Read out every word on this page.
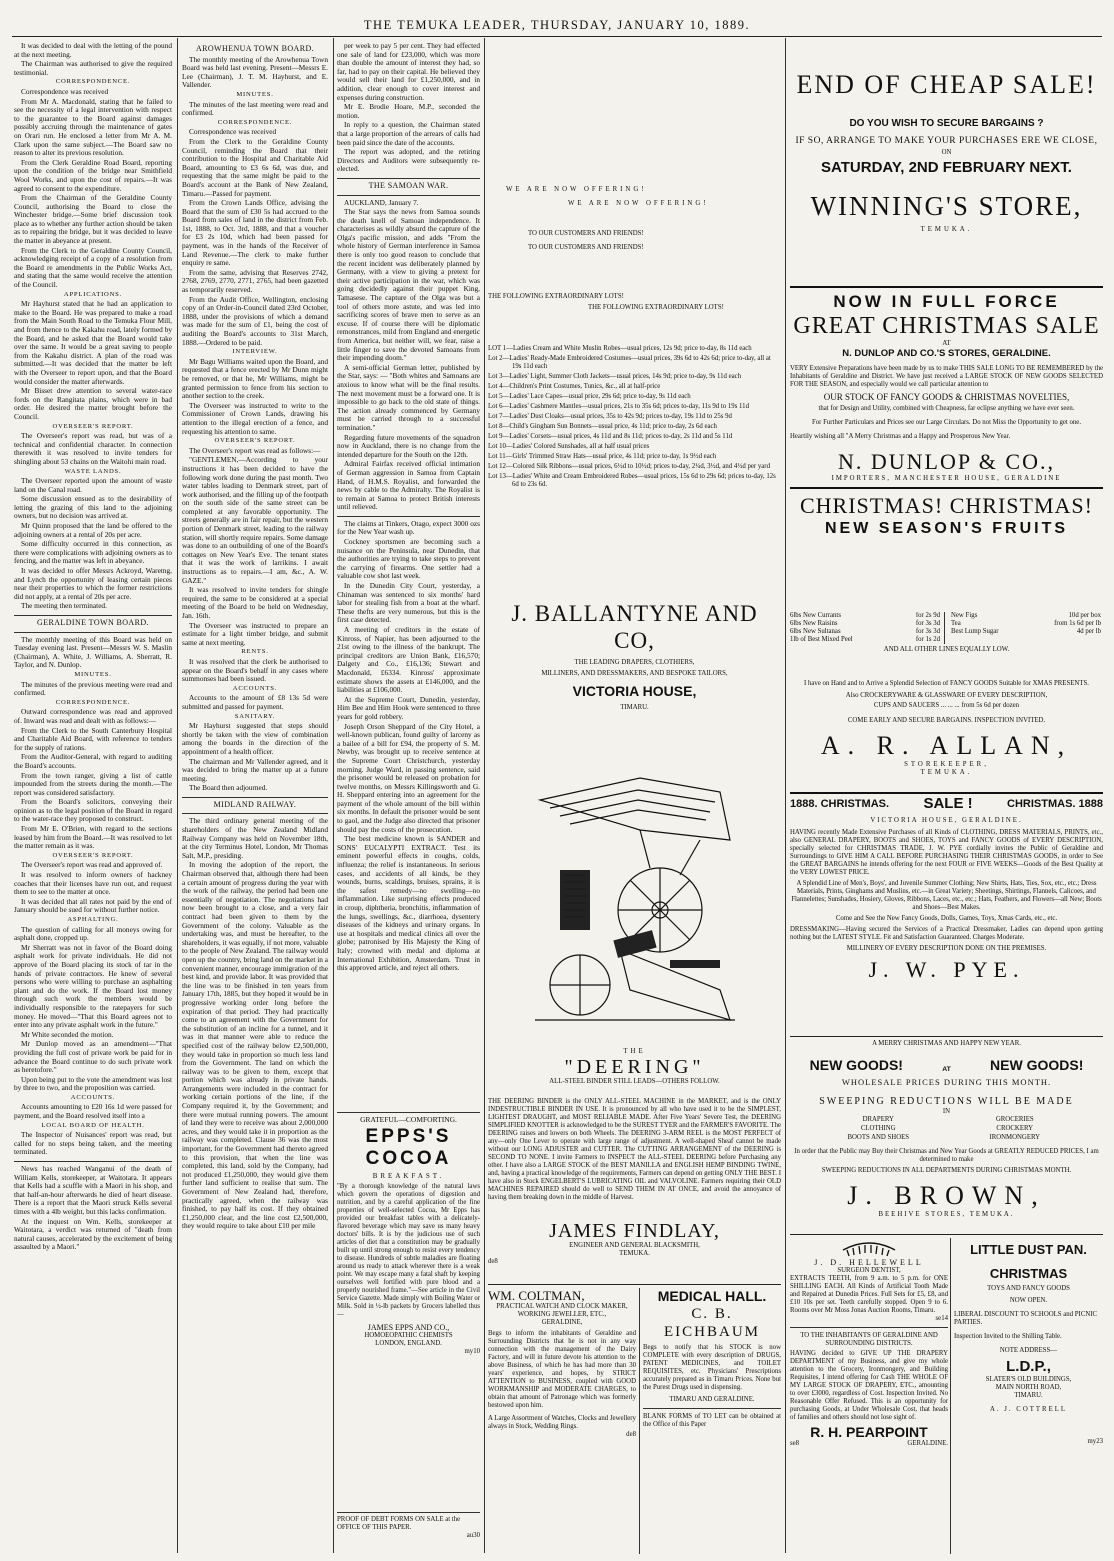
THE TEMUKA LEADER, THURSDAY, JANUARY 10, 1889.

It was decided to deal with the letting of the pound at the next meeting.

The Chairman was authorised to give the required testimonial.

CORRESPONDENCE.

Correspondence was received

From Mr A. Macdonald, stating that he failed to see the necessity of a legal intervention with respect to the guarantee to the Board against damages possibly accruing through the maintenance of gates on Orari run. He enclosed a letter from Mr A. M. Clark upon the same subject.—The Board saw no reason to alter its previous resolution.

From the Clerk Geraldine Road Board, reporting upon the condition of the bridge near Smithfield Wool Works, and upon the cost of repairs.—It was agreed to consent to the expenditure.

From the Chairman of the Geraldine County Council, authorising the Board to close the Winchester bridge.—Some brief discussion took place as to whether any further action should be taken as to repairing the bridge, but it was decided to leave the matter in abeyance at present.

From the Clerk to the Geraldine County Council, acknowledging receipt of a copy of a resolution from the Board re amendments in the Public Works Act, and stating that the same would receive the attention of the Council.

APPLICATIONS.

Mr Hayhurst stated that he had an application to make to the Board. He was prepared to make a road from the Main South Road to the Temuka Flour Mill, and from thence to the Kakahu road, lately formed by the Board, and he asked that the Board would take over the same. It would be a great saving to people from the Kakahu district. A plan of the road was submitted.—It was decided that the matter be left with the Overseer to report upon, and that the Board would consider the matter afterwards.

Mr Bisset drew attention to several water-race fords on the Rangitata plains, which were in bad order. He desired the matter brought before the Council.

OVERSEER'S REPORT.

The Overseer's report was read, but was of a technical and confidential character. In connection therewith it was resolved to invite tenders for shingling about 53 chains on the Waitohi main road.

WASTE LANDS.

The Overseer reported upon the amount of waste land on the Canal road.

Some discussion ensued as to the desirability of letting the grazing of this land to the adjoining owners, but no decision was arrived at.

Mr Quinn proposed that the land be offered to the adjoining owners at a rental of 20s per acre.

Some difficulty occurred in this connection, as there were complications with adjoining owners as to fencing, and the matter was left in abeyance.

It was decided to offer Messrs Ackroyd, Waretng, and Lynch the opportunity of leasing certain pieces near their properties to which the former restrictions did not apply, at a rental of 20s per acre.

The meeting then terminated.

GERALDINE TOWN BOARD.

The monthly meeting of this Board was held on Tuesday evening last. Present—Messrs W. S. Maslin (Chairman), A. White, J. Williams, A. Sherratt, R. Taylor, and N. Dunlop.

MINUTES.

The minutes of the previous meeting were read and confirmed.

CORRESPONDENCE.

Outward correspondence was read and approved of. Inward was read and dealt with as follows:—

From the Clerk to the South Canterbury Hospital and Charitable Aid Board, with reference to tenders for the supply of rations.

From the Auditor-General, with regard to auditing the Board's accounts.

From the town ranger, giving a list of cattle impounded from the streets during the month.—The report was considered satisfactory.

From the Board's solicitors, conveying their opinion as to the legal position of the Board in regard to the water-race they proposed to construct.

From Mr E. O'Brien, with regard to the sections leased by him from the Board.—It was resolved to let the matter remain as it was.

OVERSEER'S REPORT.

The Overseer's report was read and approved of.

It was resolved to inform owners of hackney coaches that their licenses have run out, and request them to see to the matter at once.

It was decided that all rates not paid by the end of January should be sued for without further notice.

ASPHALTING.

The question of calling for all moneys owing for asphalt done, cropped up.

Mr Sherratt was not in favor of the Board doing asphalt work for private individuals. He did not approve of the Board placing its stock of tar in the hands of private contractors. He knew of several persons who were willing to purchase an asphalting plant and do the work. If the Board lost money through such work the members would be individually responsible to the ratepayers for such money. He moved—"That this Board agrees not to enter into any private asphalt work in the future."

Mr White seconded the motion.

Mr Dunlop moved as an amendment—"That providing the full cost of private work be paid for in advance the Board continue to do such private work as heretofore."

Upon being put to the vote the amendment was lost by three to two, and the proposition was carried.

ACCOUNTS.

Accounts amounting to £20 16s 1d were passed for payment, and the Board resolved itself into a

LOCAL BOARD OF HEALTH.

The Inspector of Nuisances' report was read, but called for no steps being taken, and the meeting terminated.

News has reached Wanganui of the death of William Kells, storekeeper, at Waitotara. It appears that Kells had a scuffle with a Maori in his shop, and that half-an-hour afterwards he died of heart disease. There is a report that the Maori struck Kells several times with a 4lb weight, but this lacks confirmation.

At the inquest on Wm. Kells, storekeeper at Waitotara, a verdict was returned of "death from natural causes, accelerated by the excitement of being assaulted by a Maori."

AROWHENUA TOWN BOARD.

The monthly meeting of the Arowhenua Town Board was held last evening. Present—Messrs E. Lee (Chairman), J. T. M. Hayhurst, and E. Vallender.

MINUTES.

The minutes of the last meeting were read and confirmed.

CORRESPONDENCE.

Correspondence was received

From the Clerk to the Geraldine County Council, reminding the Board that their contribution to the Hospital and Charitable Aid Board, amounting to £3 6s 6d, was due, and requesting that the same might be paid to the Board's account at the Bank of New Zealand, Timaru.—Passed for payment.

From the Crown Lands Office, advising the Board that the sum of £30 5s had accrued to the Board from sales of land in the district from Feb. 1st, 1888, to Oct. 3rd, 1888, and that a voucher for £3 2s 10d, which had been passed for payment, was in the hands of the Receiver of Land Revenue.—The clerk to make further enquiry re same.

From the same, advising that Reserves 2742, 2768, 2769, 2770, 2771, 2765, had been gazetted as temporarily reserved.

From the Audit Office, Wellington, enclosing copy of an Order-in-Council dated 23rd October, 1888, under the provisions of which a demand was made for the sum of £1, being the cost of auditing the Board's accounts to 31st March, 1888.—Ordered to be paid.

INTERVIEW.

Mr Bagu Williams waited upon the Board, and requested that a fence erected by Mr Dunn might be removed, or that he, Mr Williams, might be granted permission to fence from his section to another section to the creek.

The Overseer was instructed to write to the Commissioner of Crown Lands, drawing his attention to the illegal erection of a fence, and requesting his attention to same.

OVERSEER'S REPORT.

The Overseer's report was read as follows:—

"GENTLEMEN,—According to your instructions it has been decided to have the following work done during the past month. Two water tables leading to Denmark street, part of work authorised, and the filling up of the footpath on the south side of the same street can be completed at any favorable opportunity. The streets generally are in fair repair, but the western portion of Denmark street, leading to the railway station, will shortly require repairs. Some damage was done to an outbuilding of one of the Board's cottages on New Year's Eve. The tenant states that it was the work of larrikins. I await instructions as to repairs.—I am, &c., A. W. GAZE."

It was resolved to invite tenders for shingle required, the same to be considered at a special meeting of the Board to be held on Wednesday, Jan. 16th.

The Overseer was instructed to prepare an estimate for a light timber bridge, and submit same at next meeting.

RENTS.

It was resolved that the clerk be authorised to appear on the Board's behalf in any cases where summonses had been issued.

ACCOUNTS.

Accounts to the amount of £8 13s 5d were submitted and passed for payment.

SANITARY.

Mr Hayhurst suggested that steps should shortly be taken with the view of combination among the boards in the direction of the appointment of a health officer.

The chairman and Mr Vallender agreed, and it was decided to bring the matter up at a future meeting.

The Board then adjourned.

MIDLAND RAILWAY.

The third ordinary general meeting of the shareholders of the New Zealand Midland Railway Company was held on November 18th, at the city Terminus Hotel, London, Mr Thomas Salt, M.P., presiding.

In moving the adoption of the report, the Chairman observed that, although there had been a certain amount of progress during the year with the work of the railway, the period had been one essentially of negotiation. The negotiations had now been brought to a close, and a very fair contract had been given to them by the Government of the colony. Valuable as the undertaking was, and must be hereafter, to the shareholders, it was equally, if not more, valuable to the people of New Zealand. The railway would open up the country, bring land on the market in a convenient manner, encourage immigration of the best kind, and provide labor. It was provided that the line was to be finished in ten years from January 17th, 1885, but they hoped it would be in progressive working order long before the expiration of that period. They had practically come to an agreement with the Government for the substitution of an incline for a tunnel, and it was in that manner were able to reduce the specified cost of the railway below £2,500,000, they would take in proportion so much less land from the Government. The land on which the railway was to be given to them, except that portion which was already in private hands. Arrangements were included in the contract for working certain portions of the line, if the Company required it, by the Government; and there were mutual running powers. The amount of land they were to receive was about 2,000,000 acres, and they would take it in proportion as the railway was completed. Clause 36 was the most important, for the Government had thereto agreed to this provision, that when the line was completed, this land, sold by the Company, had not produced £1,250,000, they would give them further land sufficient to realise that sum. The Government of New Zealand had, therefore, practically agreed, when the railway was finished, to pay half its cost. If they obtained £1,250,000 clear, and the line cost £2,500,000, they would require to take about £10 per mile

per week to pay 5 per cent. They had effected one sale of land for £23,000, which was more than double the amount of interest they had, so far, had to pay on their capital. He believed they would sell their land for £1,250,000, and in addition, clear enough to cover interest and expenses during construction.

Mr E. Brodie Hoare, M.P., seconded the motion.

In reply to a question, the Chairman stated that a large proportion of the arrears of calls had been paid since the date of the accounts.

The report was adopted, and the retiring Directors and Auditors were subsequently re-elected.

THE SAMOAN WAR.

AUCKLAND, January 7.

The Star says the news from Samoa sounds the death knell of Samoan independence. It characterises as wildly absurd the capture of the Olga's pacific mission, and adds "From the whole history of German interference in Samoa there is only too good reason to conclude that the recent incident was deliberately planned by Germany, with a view to giving a pretext for their active participation in the war, which was going decidedly against their puppet King, Tamasese. The capture of the Olga was but a tool of others more astute, and was led into sacrificing scores of brave men to serve as an excuse. If of course there will be diplomatic remonstrances, mild from England and energetic from America, but neither will, we fear, raise a little finger to save the devoted Samoans from their impending doom."

A semi-official German letter, published by the Star, says: — "Both whites and Samoans are anxious to know what will be the final results. The next movement must be a forward one. It is impossible to go back to the old state of things. The action already commenced by Germany must be carried through to a successful termination."

Regarding future movements of the squadron now in Auckland, there is no change from the intended departure for the South on the 12th.

Admiral Fairfax received official intimation of German aggression in Samoa from Captain Hand, of H.M.S. Royalist, and forwarded the news by cable to the Admiralty. The Royalist is to remain at Samoa to protect British interests until relieved.

The claims at Tinkers, Otago, expect 3000 ozs for the New Year wash up.

Cockney sportsmen are becoming such a nuisance on the Peninsula, near Dunedin, that the authorities are trying to take steps to prevent the carrying of firearms. One settler had a valuable cow shot last week.

In the Dunedin City Court, yesterday, a Chinaman was sentenced to six months' hard labor for stealing fish from a boat at the wharf. These thefts are very numerous, but this is the first case detected.

A meeting of creditors in the estate of Kinross, of Napier, has been adjourned to the 21st owing to the illness of the bankrupt. The principal creditors are Union Bank, £16,570; Dalgety and Co., £16,136; Stewart and Macdonald, £6334. Kinross' approximate estimate shows the assets at £146,000, and the liabilities at £106,000.

At the Supreme Court, Dunedin, yesterday, Him Bee and Him Hook were sentenced to three years for gold robbery.

Joseph Orson Sheppard of the City Hotel, a well-known publican, found guilty of larceny as a bailee of a bill for £94, the property of S. M. Newby, was brought up to receive sentence at the Supreme Court Christchurch, yesterday morning. Judge Ward, in passing sentence, said the prisoner would be released on probation for twelve months, on Messrs Killingsworth and G. H. Sheppard entering into an agreement for the payment of the whole amount of the bill within six months. In default the prisoner would be sent to gaol, and the Judge also directed that prisoner should pay the costs of the prosecution.

The best medicine known is SANDER and SONS' EUCALYPTI EXTRACT. Test its eminent powerful effects in coughs, colds, influenza; the relief is instantaneous. In serious cases, and accidents of all kinds, be they wounds, burns, scaldings, bruises, sprains, it is the safest remedy—no swelling—no inflammation. Like surprising effects produced in croup, diphtheria, bronchitis, inflammation of the lungs, swellings, &c., diarrhoea, dysentery diseases of the kidneys and urinary organs. In use at hospitals and medical clinics all over the globe; patronised by His Majesty the King of Italy; crowned with medal and diploma at International Exhibition, Amsterdam. Trust in this approved article, and reject all others.

GRATEFUL—COMFORTING.
EPPS'S COCOA
BREAKFAST.
"By a thorough knowledge of the natural laws which govern the operations of digestion and nutrition, and by a careful application of the fine properties of well-selected Cocoa, Mr Epps has provided our breakfast tables with a delicately-flavored beverage which may save us many heavy doctors' bills. It is by the judicious use of such articles of diet that a constitution may be gradually built up until strong enough to resist every tendency to disease. Hundreds of subtle maladies are floating around us ready to attack wherever there is a weak point. We may escape many a fatal shaft by keeping ourselves well fortified with pure blood and a properly nourished frame."—See article in the Civil Service Gazette. Made simply with Boiling Water or Milk. Sold in ½-lb packets by Grocers labelled thus—
JAMES EPPS AND CO.,
HOMOEOPATHIC CHEMISTS
LONDON, ENGLAND.
my10
PROOF OF DEBT FORMS ON SALE at the OFFICE OF THIS PAPER.
au30
WE ARE NOW OFFERING!
WE ARE NOW OFFERING!
TO OUR CUSTOMERS AND FRIENDS!
TO OUR CUSTOMERS AND FRIENDS!
THE FOLLOWING EXTRAORDINARY LOTS!
THE FOLLOWING EXTRAORDINARY LOTS!
LOT 1—Ladies Cream and White Muslin Robes—usual prices, 12s 9d; price to-day, 8s 11d each
Lot 2—Ladies' Ready-Made Embroidered Costumes—usual prices, 39s 6d to 42s 6d; price to-day, all at 19s 11d each
Lot 3—Ladies' Light, Summer Cloth Jackets—usual prices, 14s 9d; price to-day, 9s 11d each
Lot 4—Children's Print Costumes, Tunics, &c., all at half-price
Lot 5—Ladies' Lace Capes—usual price, 29s 6d; price to-day, 9s 11d each
Lot 6—Ladies' Cashmere Mantles—usual prices, 21s to 35s 6d; prices to-day, 11s 9d to 19s 11d
Lot 7—Ladies' Dust Cloaks—usual prices, 35s to 42s 9d; prices to-day, 19s 11d to 25s 9d
Lot 8—Child's Gingham Sun Bonnets—usual price, 4s 11d; price to-day, 2s 6d each
Lot 9—Ladies' Corsets—usual prices, 4s 11d and 8s 11d; prices to-day, 2s 11d and 5s 11d
Lot 10—Ladies' Colored Sunshades, all at half usual prices
Lot 11—Girls' Trimmed Straw Hats—usual price, 4s 11d; price to-day, 1s 9½d each
Lot 12—Colored Silk Ribbons—usual prices, 6½d to 10½d; prices to-day, 2¼d, 3½d, and 4½d per yard
Lot 13—Ladies' White and Cream Embroidered Robes—usual prices, 15s 6d to 29s 6d; prices to-day, 12s 6d to 23s 6d.
J. BALLANTYNE AND CO,
THE LEADING DRAPERS, CLOTHIERS,
MILLINERS, AND DRESSMAKERS, AND BESPOKE TAILORS,
VICTORIA HOUSE,
TIMARU.
THE
"DEERING"
ALL-STEEL BINDER STILL LEADS—OTHERS FOLLOW.
THE DEERING BINDER is the ONLY ALL-STEEL MACHINE in the MARKET, and is the ONLY INDESTRUCTIBLE BINDER IN USE. It is pronounced by all who have used it to be the SIMPLEST, LIGHTEST DRAUGHT, and MOST RELIABLE MADE. After Five Years' Severe Test, the DEERING SIMPLIFIED KNOTTER is acknowledged to be the SUREST TYER and the FARMER'S FAVORITE. The DEERING raises and lowers on both Wheels. The DEERING 3-ARM REEL is the MOST PERFECT of any—only One Lever to operate with large range of adjustment. A well-shaped Sheaf cannot be made without our LONG ADJUSTER and CUTTER. The CUTTING ARRANGEMENT of the DEERING is SECOND TO NONE. I invite Farmers to INSPECT the ALL-STEEL DEERING before Purchasing any other. I have also a LARGE STOCK of the BEST MANILLA and ENGLISH HEMP BINDING TWINE, and, having a practical knowledge of the requirements, Farmers can depend on getting ONLY THE BEST. I have also in Stock ENGELBERT'S LUBRICATING OIL and VALVOLINE. Farmers requiring their OLD MACHINES REPAIRED should do well to SEND THEM IN AT ONCE, and avoid the annoyance of having them breaking down in the middle of Harvest.
JAMES FINDLAY,
ENGINEER AND GENERAL BLACKSMITH,
TEMUKA.
de8
WM. COLTMAN,
PRACTICAL WATCH AND CLOCK MAKER,
WORKING JEWELLER, ETC.,
GERALDINE,
Begs to inform the inhabitants of Geraldine and Surrounding Districts that he is not in any way connection with the management of the Dairy Factory, and will in future devote his attention to the above Business, of which he has had more than 30 years' experience, and hopes, by STRICT ATTENTION to BUSINESS, coupled with GOOD WORKMANSHIP and MODERATE CHARGES, to obtain that amount of Patronage which was formerly bestowed upon him.
A Large Assortment of Watches, Clocks and Jewellery always in Stock, Wedding Rings.
de8
MEDICAL HALL.
C. B. EICHBAUM
Begs to notify that his STOCK is now COMPLETE with every description of DRUGS, PATENT MEDICINES, and TOILET REQUISITES, etc. Physicians' Prescriptions accurately prepared as in Timaru Prices. None but the Purest Drugs used in dispensing.
TIMARU AND GERALDINE.
BLANK FORMS of TO LET can be obtained at the Office of this Paper
END OF CHEAP SALE!
DO YOU WISH TO SECURE BARGAINS ?
IF SO, ARRANGE TO MAKE YOUR PURCHASES ERE WE CLOSE,
ON
SATURDAY, 2ND FEBRUARY NEXT.
WINNING'S STORE,
TEMUKA.
NOW IN FULL FORCE
GREAT CHRISTMAS SALE
AT
N. DUNLOP AND CO.'S STORES, GERALDINE.
VERY Extensive Preparations have been made by us to make THIS SALE LONG TO BE REMEMBERED by the Inhabitants of Geraldine and District. We have just received a LARGE STOCK OF NEW GOODS SELECTED FOR THE SEASON, and especially would we call particular attention to
OUR STOCK OF FANCY GOODS & CHRISTMAS NOVELTIES,
that for Design and Utility, combined with Cheapness, far eclipse anything we have ever seen.
For Further Particulars and Prices see our Large Circulars. Do not Miss the Opportunity to get one.
Heartily wishing all "A Merry Christmas and a Happy and Prosperous New Year.
N. DUNLOP & CO.,
IMPORTERS, MANCHESTER HOUSE, GERALDINE
CHRISTMAS! CHRISTMAS!
NEW SEASON'S FRUITS
6lbs New Currants	for 2s 9d
6lbs New Raisins	for 3s 3d
6lbs New Sultanas	for 3s 3d
1lb of Best Mixed Peel	for 1s 2d
New Figs	10d per box
Tea	from 1s 6d per lb
Best Lump Sugar	4d per lb
AND ALL OTHER LINES EQUALLY LOW.
I have on Hand and to Arrive a Splendid Selection of FANCY GOODS Suitable for XMAS PRESENTS.
Also CROCKERYWARE & GLASSWARE OF EVERY DESCRIPTION,
CUPS AND SAUCERS ... ... ... from 5s 6d per dozen
COME EARLY AND SECURE BARGAINS. INSPECTION INVITED.
A. R. ALLAN,
STOREKEEPER,
TEMUKA.
1888. CHRISTMAS. SALE !	CHRISTMAS. 1888
VICTORIA HOUSE, GERALDINE.
HAVING recently Made Extensive Purchases of all Kinds of CLOTHING, DRESS MATERIALS, PRINTS, etc., also GENERAL DRAPERY, BOOTS and SHOES, TOYS and FANCY GOODS of EVERY DESCRIPTION, specially selected for CHRISTMAS TRADE, J. W. PYE cordially invites the Public of Geraldine and Surroundings to GIVE HIM A CALL BEFORE PURCHASING THEIR CHRISTMAS GOODS, in order to See the GREAT BARGAINS he intends offering for the next FOUR or FIVE WEEKS—Goods of the Best Quality at the VERY LOWEST PRICE.
A Splendid Line of Men's, Boys', and Juvenile Summer Clothing; New Shirts, Hats, Ties, Sox, etc., etc.; Dress Materials, Prints, Ginghams and Muslins, etc.—in Great Variety; Sheetings, Shirtings, Flannels, Calicoes, and Flannelettes; Sunshades, Hosiery, Gloves, Ribbons, Laces, etc., etc.; Hats, Feathers, and Flowers—all New; Boots and Shoes—Best Makes.
Come and See the New Fancy Goods, Dolls, Games, Toys, Xmas Cards, etc., etc.
DRESSMAKING—Having secured the Services of a Practical Dressmaker, Ladies can depend upon getting nothing but the LATEST STYLE. Fit and Satisfaction Guaranteed. Charges Moderate.
MILLINERY OF EVERY DESCRIPTION DONE ON THE PREMISES.
J. W. PYE.
A MERRY CHRISTMAS AND HAPPY NEW YEAR.
NEW GOODS!	AT	NEW GOODS!
WHOLESALE PRICES DURING THIS MONTH.
SWEEPING REDUCTIONS WILL BE MADE
IN
DRAPERY	GROCERIES
CLOTHING	CROCKERY
BOOTS AND SHOES	IRONMONGERY
In order that the Public may Buy their Christmas and New Year Goods at GREATLY REDUCED PRICES, I am determined to make
SWEEPING REDUCTIONS IN ALL DEPARTMENTS DURING CHRISTMAS MONTH.
J. BROWN,
BEEHIVE STORES, TEMUKA.
J. D. HELLEWELL
SURGEON DENTIST,
EXTRACTS TEETH, from 9 a.m. to 5 p.m. for ONE SHILLING EACH. All Kinds of Artificial Tooth Made and Repaired at Dunedin Prices. Full Sets for £5, £8, and £10 10s per set. Teeth carefully stopped. Open 9 to 6. Rooms over Mr Moss Jonas Auction Rooms, Timaru.
se14
TO THE INHABITANTS OF GERALDINE AND SURROUNDING DISTRICTS.
HAVING decided to GIVE UP THE DRAPERY DEPARTMENT of my Business, and give my whole attention to the Grocery, Ironmongery, and Building Requisites, I intend offering for Cash THE WHOLE OF MY LARGE STOCK OF DRAPERY, ETC., amounting to over £3000, regardless of Cost. Inspection Invited. No Reasonable Offer Refused. This is an opportunity for purchasing Goods, at Under Wholesale Cost, that heads of families and others should not lose sight of.
R. H. PEARPOINT
se8	GERALDINE.
LITTLE DUST PAN.
CHRISTMAS
TOYS AND FANCY GOODS
NOW OPEN.
LIBERAL DISCOUNT TO SCHOOLS and PICNIC PARTIES.
Inspection Invited to the Shilling Table.
NOTE ADDRESS—
L.D.P.,
SLATER'S OLD BUILDINGS,
MAIN NORTH ROAD,
TIMARU.
A. J. COTTRELL
my23
